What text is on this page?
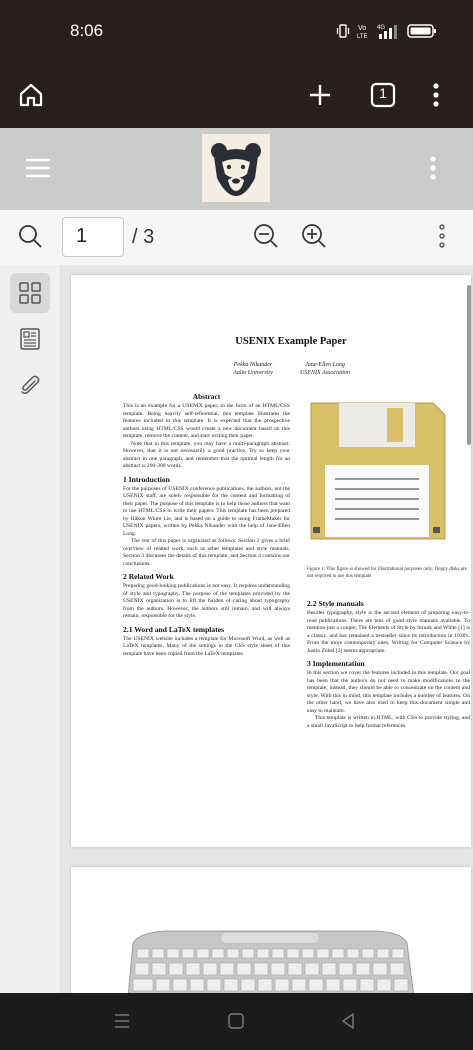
8:06	Vo
LTE
4G
1
1	/ 3
USENIX Example Paper
Pekka Nikander
Aalto University
Jane-Ellen Long
USENIX Association
Abstract

This is an example for a USENIX paper, in the form of an HTML/CSS template. Being heavily self-referential, this template illustrates the features included in this template. It is expected that the prospective authors using HTML/CSS would create a new document based on this template, remove the content, and start writing their paper.

Note that in this template, you may have a multi-paragraph abstract. However, that it is not necessarily a good practice. Try to keep your abstract in one paragraph, and remember that the optimal length for an abstract is 200-300 words.

1 Introduction

For the purposes of USENIX conference publications, the authors, not the USENIX staff, are solely responsible for the content and formatting of their paper. The purpose of this template is to help those authors that want to use HTML/CSS to write their papers. This template has been prepared by Håkon Wium Lie, and is based on a guide to using FrameMaker for USENIX papers, written by Pekka Nikander with the help of Jane-Ellen Long.

The rest of this paper is organized as follows. Section 2 gives a brief overview of related work, such as other templates and style manuals. Section 3 discusses the details of this template, and Section 4 contains our conclusions.

2 Related Work

Preparing good-looking publications is not easy. It requires understanding of style and typography. The purpose of the templates provided by the USENIX organization is to lift the burden of caring about typography from the authors. However, the authors still remain, and will always remain, responsible for the style.

2.1 Word and LaTeX templates

The USENIX website includes a template for Microsoft Word, as well as LaTeX templates. Many of the settings in the CSS style sheet of this template have been copied from the LaTeX templates.

Figure 1: This figure is showed for illustrational purposes only; floppy disks are not required to use this template.
2.2 Style manuals

Besides typography, style is the second element of preparing easy-to-read publications. There are tens of good style manuals available. To mention just a couple; The Elements of Style by Strunk and White [1] is a classic, and has remained a bestseller since its introduction in 1930's. From the more contemporary ones, Writing for Computer Science by Justin Zobel [2] seems appropriate.

3 Implementation

In this section we cover the features included in this template. Our goal has been that the authors do not need to make modifications to the template; instead, they should be able to concentrate on the content and style. With this in mind, this template includes a number of features. On the other hand, we have also tried to keep this document simple and easy to maintain.

This template is written in HTML, with CSS to provide styling, and a small JavaScript to help format references.
